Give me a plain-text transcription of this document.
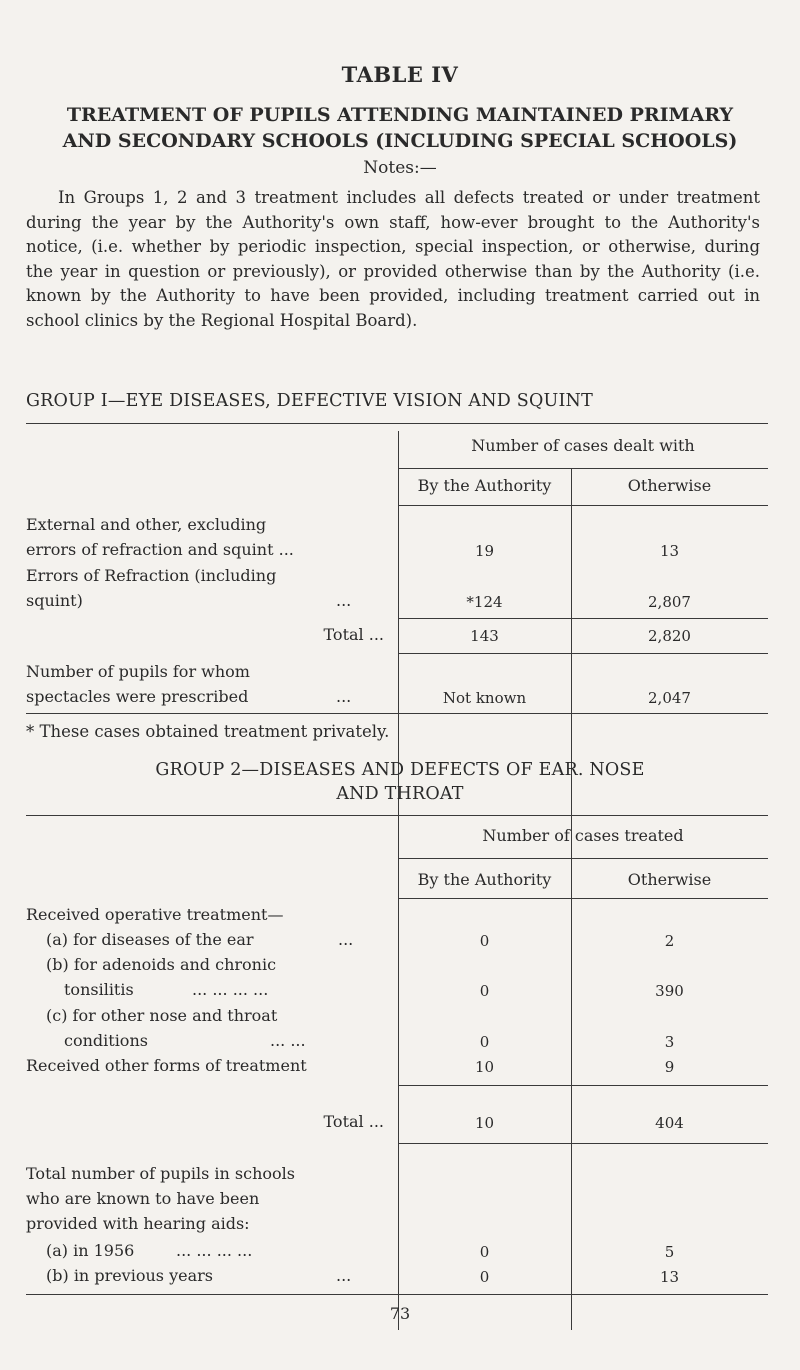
TABLE IV
TREATMENT OF PUPILS ATTENDING MAINTAINED PRIMARY AND SECONDARY SCHOOLS (INCLUDING SPECIAL SCHOOLS)
Notes:—
In Groups 1, 2 and 3 treatment includes all defects treated or under treatment during the year by the Authority's own staff, how-ever brought to the Authority's notice, (i.e. whether by periodic inspection, special inspection, or otherwise, during the year in question or previously), or provided otherwise than by the Authority (i.e. known by the Authority to have been provided, including treatment carried out in school clinics by the Regional Hospital Board).
GROUP I—EYE DISEASES, DEFECTIVE VISION AND SQUINT
Number of cases dealt with
By the Authority	Otherwise
External and other, excluding
errors of refraction and squint ...	19	13
Errors of Refraction (including
squint)	...	*124	2,807
Total ...	143	2,820
Number of pupils for whom
spectacles were prescribed	...	Not known	2,047
* These cases obtained treatment privately.
GROUP 2—DISEASES AND DEFECTS OF EAR. NOSE
AND THROAT
Number of cases treated
By the Authority	Otherwise
Received operative treatment—
(a) for diseases of the ear	...	0	2
(b) for adenoids and chronic
tonsilitis	... ... ... ...	0	390
(c) for other nose and throat
conditions	... ...	0	3
Received other forms of treatment	10	9
Total ...	10	404
Total number of pupils in schools
who are known to have been
provided with hearing aids:
(a) in 1956	... ... ... ...	0	5
(b) in previous years	...	0	13
73
